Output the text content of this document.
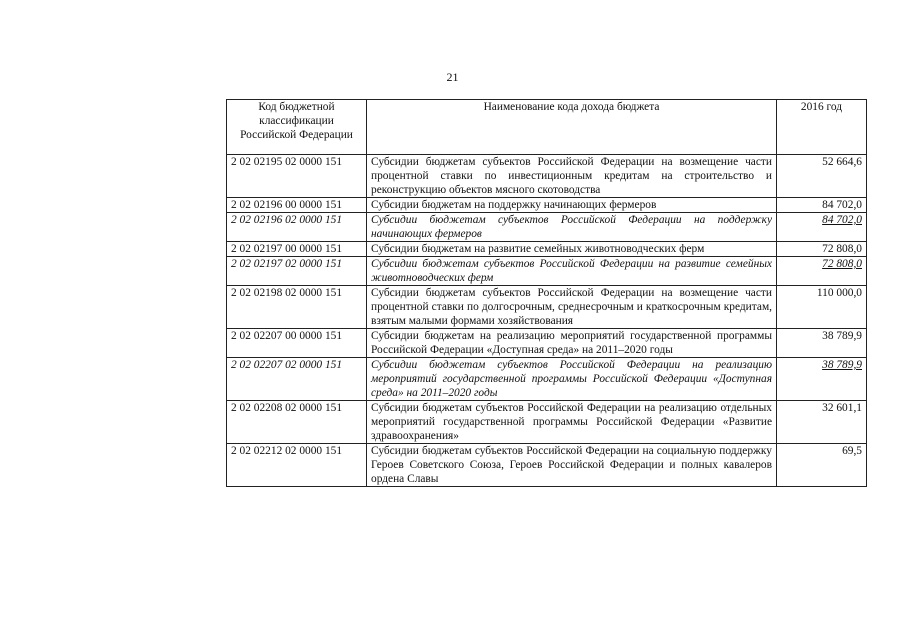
21
Код бюджетной классификации Российской Федерации	Наименование кода дохода бюджета	2016 год
2 02 02195 02 0000 151	Субсидии бюджетам субъектов Российской Федерации на возмещение части процентной ставки по инвестиционным кредитам на строительство и реконструкцию объектов мясного скотоводства	52 664,6
2 02 02196 00 0000 151	Субсидии бюджетам на поддержку начинающих фермеров	84 702,0
2 02 02196 02 0000 151	Субсидии бюджетам субъектов Российской Федерации на поддержку начинающих фермеров	84 702,0
2 02 02197 00 0000 151	Субсидии бюджетам на развитие семейных животноводческих ферм	72 808,0
2 02 02197 02 0000 151	Субсидии бюджетам субъектов Российской Федерации на развитие семейных животноводческих ферм	72 808,0
2 02 02198 02 0000 151	Субсидии бюджетам субъектов Российской Федерации на возмещение части процентной ставки по долгосрочным, среднесрочным и краткосрочным кредитам, взятым малыми формами хозяйствования	110 000,0
2 02 02207 00 0000 151	Субсидии бюджетам на реализацию мероприятий государственной программы Российской Федерации «Доступная среда» на 2011–2020 годы	38 789,9
2 02 02207 02 0000 151	Субсидии бюджетам субъектов Российской Федерации на реализацию мероприятий государственной программы Российской Федерации «Доступная среда» на 2011–2020 годы	38 789,9
2 02 02208 02 0000 151	Субсидии бюджетам субъектов Российской Федерации на реализацию отдельных мероприятий государственной программы Российской Федерации «Развитие здравоохранения»	32 601,1
2 02 02212 02 0000 151	Субсидии бюджетам субъектов Российской Федерации на социальную поддержку Героев Советского Союза, Героев Российской Федерации и полных кавалеров ордена Славы	69,5
